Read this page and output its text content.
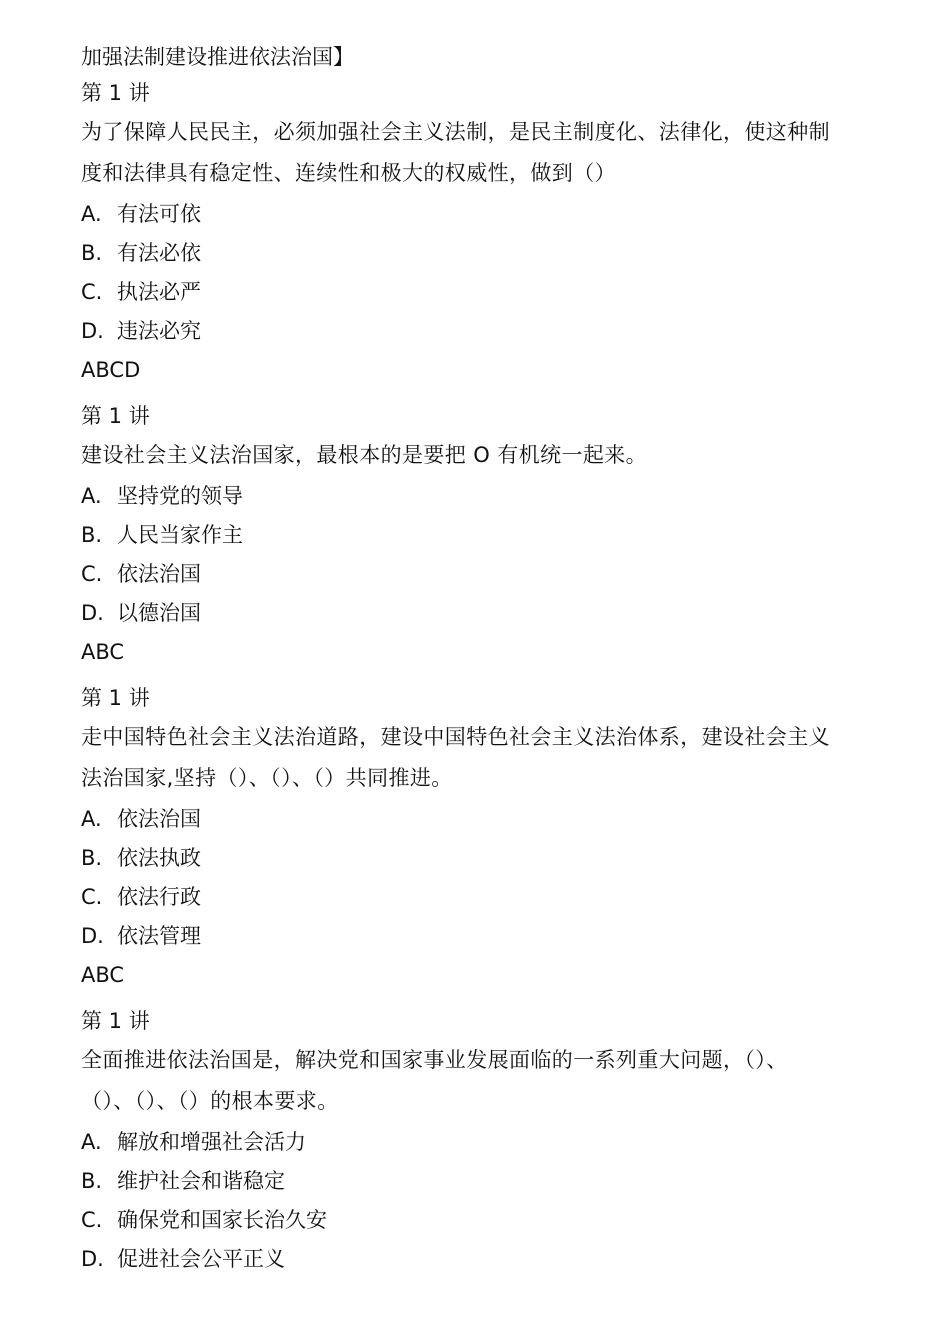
加强法制建设推进依法治国】
第 1 讲
为了保障人民民主，必须加强社会主义法制，是民主制度化、法律化，使这种制
度和法律具有稳定性、连续性和极大的权威性，做到（）
A. 有法可依
B. 有法必依
C. 执法必严
D. 违法必究
ABCD
第 1 讲
建设社会主义法治国家，最根本的是要把 O 有机统一起来。
A. 坚持党的领导
B. 人民当家作主
C. 依法治国
D. 以德治国
ABC
第 1 讲
走中国特色社会主义法治道路，建设中国特色社会主义法治体系，建设社会主义
法治国家,坚持（）、（）、（）共同推进。
A. 依法治国
B. 依法执政
C. 依法行政
D. 依法管理
ABC
第 1 讲
全面推进依法治国是，解决党和国家事业发展面临的一系列重大问题，（）、
（）、（）、（）的根本要求。
A. 解放和增强社会活力
B. 维护社会和谐稳定
C. 确保党和国家长治久安
D. 促进社会公平正义
